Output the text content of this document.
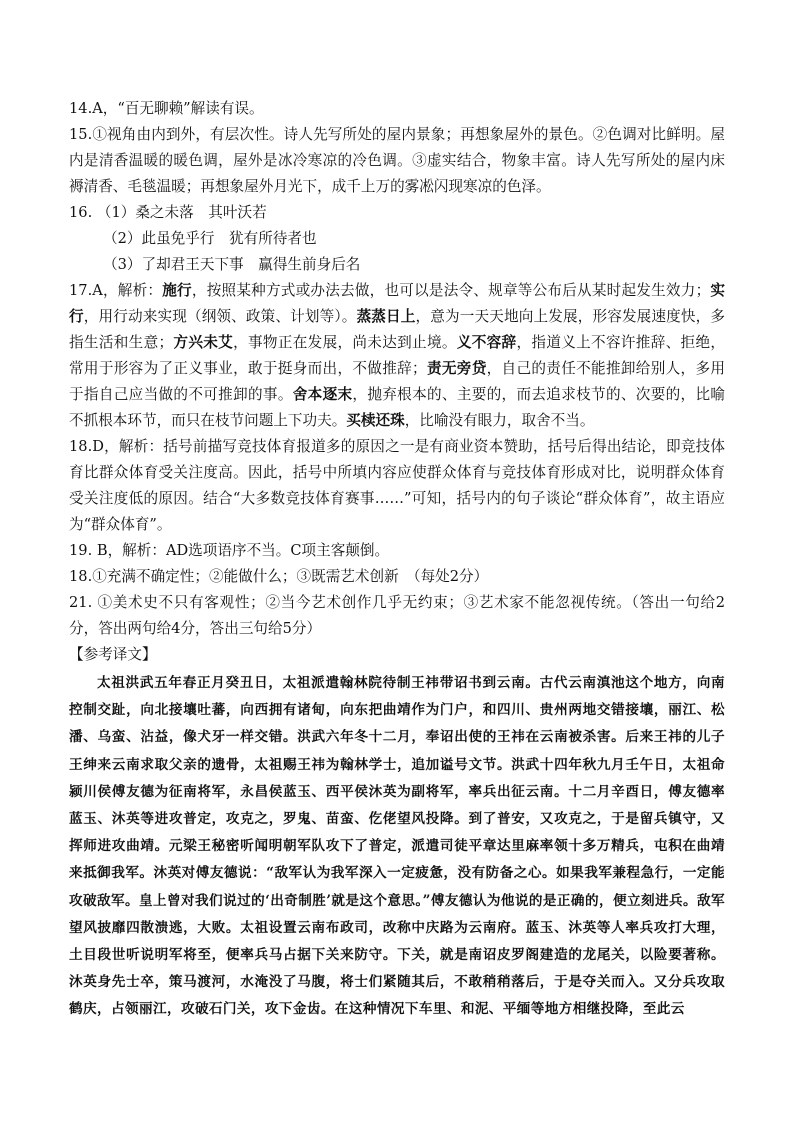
14.A，“百无聊赖”解读有误。

15.①视角由内到外，有层次性。诗人先写所处的屋内景象；再想象屋外的景色。②色调对比鲜明。屋内是清香温暖的暖色调，屋外是冰冷寒凉的冷色调。③虚实结合，物象丰富。诗人先写所处的屋内床褥清香、毛毯温暖；再想象屋外月光下，成千上万的雾凇闪现寒凉的色泽。

16. （1）桑之未落　其叶沃若

（2）此虽免乎行　犹有所待者也

（3）了却君王天下事　赢得生前身后名

17.A，解析：施行，按照某种方式或办法去做，也可以是法令、规章等公布后从某时起发生效力；实行，用行动来实现（纲领、政策、计划等）。蒸蒸日上，意为一天天地向上发展，形容发展速度快，多指生活和生意；方兴未艾，事物正在发展，尚未达到止境。义不容辞，指道义上不容许推辞、拒绝，常用于形容为了正义事业，敢于挺身而出，不做推辞；责无旁贷，自己的责任不能推卸给别人，多用于指自己应当做的不可推卸的事。舍本逐末，抛弃根本的、主要的，而去追求枝节的、次要的，比喻不抓根本环节，而只在枝节问题上下功夫。买椟还珠，比喻没有眼力，取舍不当。

18.D，解析：括号前描写竞技体育报道多的原因之一是有商业资本赞助，括号后得出结论，即竞技体育比群众体育受关注度高。因此，括号中所填内容应使群众体育与竞技体育形成对比，说明群众体育受关注度低的原因。结合“大多数竞技体育赛事……”可知，括号内的句子谈论“群众体育”，故主语应为“群众体育”。

19. B，解析：AD选项语序不当。C项主客颠倒。

18.①充满不确定性；②能做什么；③既需艺术创新　（每处2分）

21. ①美术史不只有客观性；②当今艺术创作几乎无约束；③艺术家不能忽视传统。（答出一句给2分，答出两句给4分，答出三句给5分）

【参考译文】

太祖洪武五年春正月癸丑日，太祖派遣翰林院待制王祎带诏书到云南。古代云南滇池这个地方，向南控制交趾，向北接壤吐蕃，向西拥有诸甸，向东把曲靖作为门户，和四川、贵州两地交错接壤，丽江、松潘、乌蛮、沾益，像犬牙一样交错。洪武六年冬十二月，奉诏出使的王祎在云南被杀害。后来王祎的儿子王绅来云南求取父亲的遗骨，太祖赐王祎为翰林学士，追加谥号文节。洪武十四年秋九月壬午日，太祖命颍川侯傅友德为征南将军，永昌侯蓝玉、西平侯沐英为副将军，率兵出征云南。十二月辛酉日，傅友德率蓝玉、沐英等进攻普定，攻克之，罗鬼、苗蛮、仡佬望风投降。到了普安，又攻克之，于是留兵镇守，又挥师进攻曲靖。元梁王秘密听闻明朝军队攻下了普定，派遣司徒平章达里麻率领十多万精兵，屯积在曲靖来抵御我军。沐英对傅友德说：“敌军认为我军深入一定疲惫，没有防备之心。如果我军兼程急行，一定能攻破敌军。皇上曾对我们说过的‘出奇制胜’就是这个意思。”傅友德认为他说的是正确的，便立刻进兵。敌军望风披靡四散溃逃，大败。太祖设置云南布政司，改称中庆路为云南府。蓝玉、沐英等人率兵攻打大理，土目段世听说明军将至，便率兵马占据下关来防守。下关，就是南诏皮罗阁建造的龙尾关，以险要著称。沐英身先士卒，策马渡河，水淹没了马腹，将士们紧随其后，不敢稍稍落后，于是夺关而入。又分兵攻取鹤庆，占领丽江，攻破石门关，攻下金齿。在这种情况下车里、和泥、平缅等地方相继投降，至此云
